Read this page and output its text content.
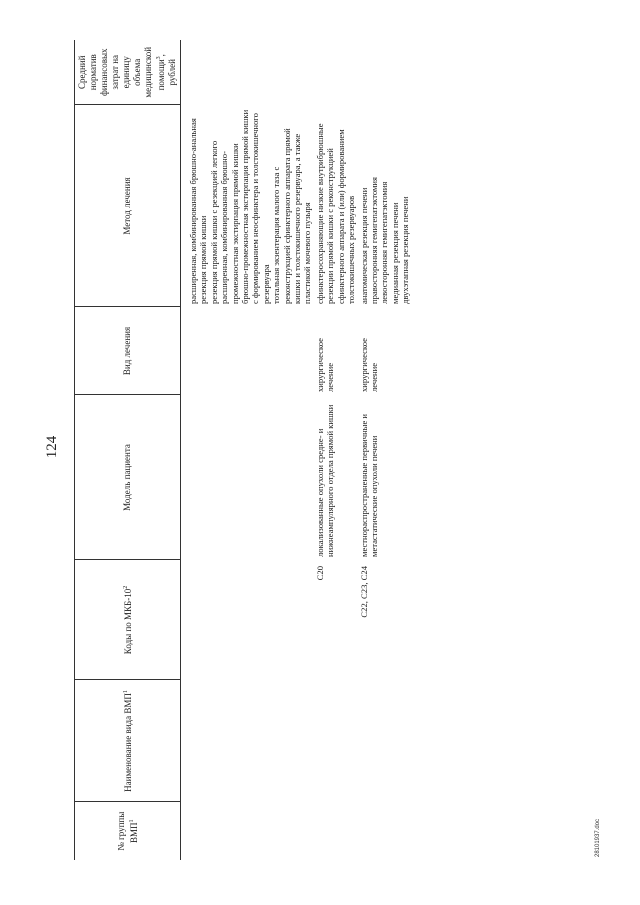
124
№ группы ВМП$^1$	Наименование вида ВМП$^1$	Коды по МКБ-$10^2$	Модель пациента	Вид лечения	Метод лечения	Средний норматив финансовых затрат на единицу объема медицинской помощи$^3$, рублей

					расширенная, комбинированная брюшно-анальная резекция прямой кишки резекция прямой кишки с резекцией легкого расширенная, комбинированная брюшно-промежностная экстирпация прямой кишки брюшно-промежностная экстирпация прямой кишки с формированием неосфинктера и толстокишечного резервуара тотальная экзентерация малого таза с реконструкцией сфинктерного аппарата прямой кишки и толстокишечного резервуара, а также пластикой мочевого пузыря	

		C20	локализованные опухоли средне- и нижнеампулярного отдела прямой кишки	хирургическое лечение	сфинктеросохраняющие низкие внутрибрюшные резекции прямой кишки с реконструкцией сфинктерного аппарата и (или) формированием толстокишечных резервуаров	

		C22, C23, C24	местнораспространенные первичные и метастатические опухоли печени	хирургическое лечение	анатомическая резекция печени правосторонняя гемигепатэктомия левосторонняя гемигепатэктомия медианная резекция печени двухэтапная резекция печени	

28101937.doc
